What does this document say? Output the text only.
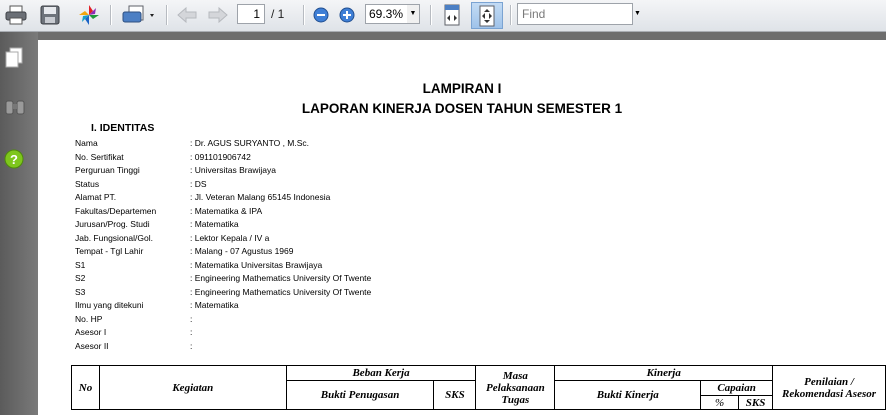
1 / 1	69.3% ▼	Find	▼
?
LAMPIRAN I
LAPORAN KINERJA DOSEN TAHUN SEMESTER 1
I. IDENTITAS
Nama	: Dr. AGUS SURYANTO , M.Sc.
No. Sertifikat	: 091101906742
Perguruan Tinggi	: Universitas Brawijaya
Status	: DS
Alamat PT.	: Jl. Veteran Malang 65145 Indonesia
Fakultas/Departemen	: Matematika & IPA
Jurusan/Prog. Studi	: Matematika
Jab. Fungsional/Gol.	: Lektor Kepala / IV a
Tempat - Tgl Lahir	: Malang - 07 Agustus 1969
S1	: Matematika Universitas Brawijaya
S2	: Engineering Mathematics University Of Twente
S3	: Engineering Mathematics University Of Twente
Ilmu yang ditekuni	: Matematika
No. HP	:
Asesor I	:
Asesor II	:
No	Kegiatan	Beban Kerja		Masa Pelaksanaan Tugas	Kinerja			Penilaian / Rekomendasi Asesor
		Bukti Penugasan	SKS		Bukti Kinerja	Capaian		
						%	SKS	
